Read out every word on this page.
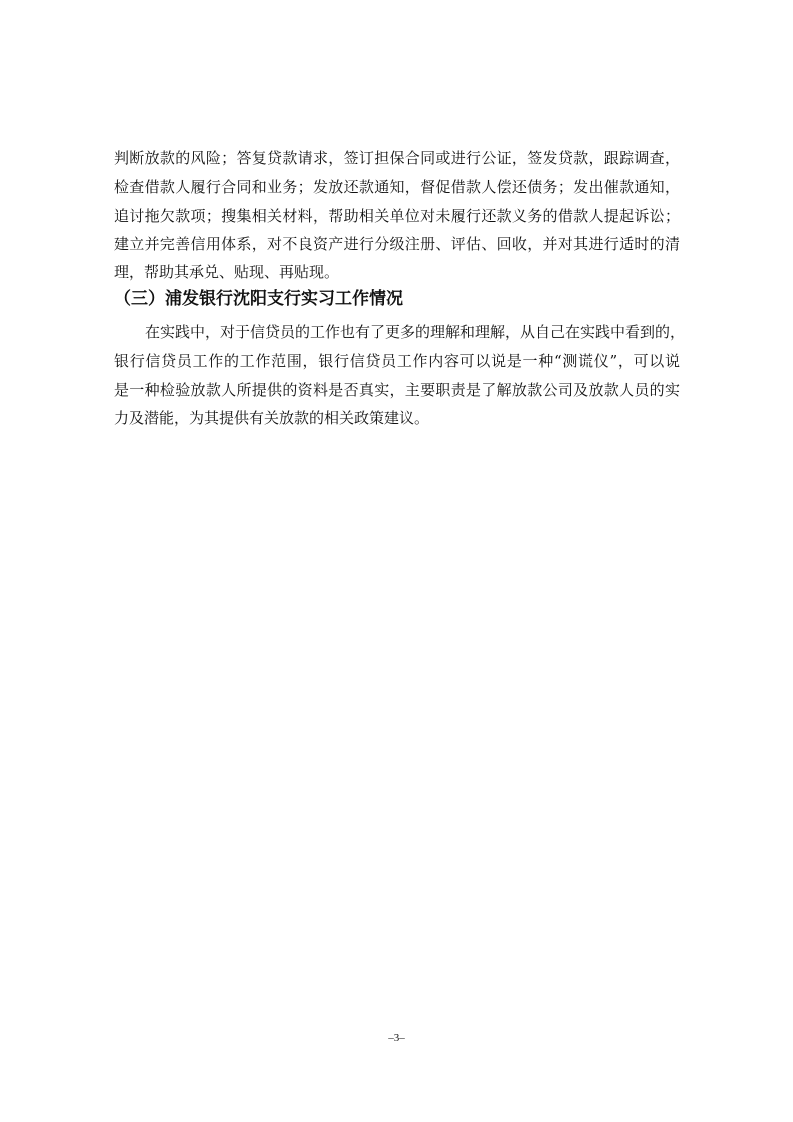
判断放款的风险；答复贷款请求，签订担保合同或进行公证，签发贷款，跟踪调查，
检查借款人履行合同和业务；发放还款通知，督促借款人偿还债务；发出催款通知，
追讨拖欠款项；搜集相关材料，帮助相关单位对未履行还款义务的借款人提起诉讼；
建立并完善信用体系，对不良资产进行分级注册、评估、回收，并对其进行适时的清
理，帮助其承兑、贴现、再贴现。
（三）浦发银行沈阳支行实习工作情况
在实践中，对于信贷员的工作也有了更多的理解和理解，从自己在实践中看到的，
银行信贷员工作的工作范围，银行信贷员工作内容可以说是一种“测谎仪”，可以说
是一种检验放款人所提供的资料是否真实，主要职责是了解放款公司及放款人员的实
力及潜能，为其提供有关放款的相关政策建议。
–3–
